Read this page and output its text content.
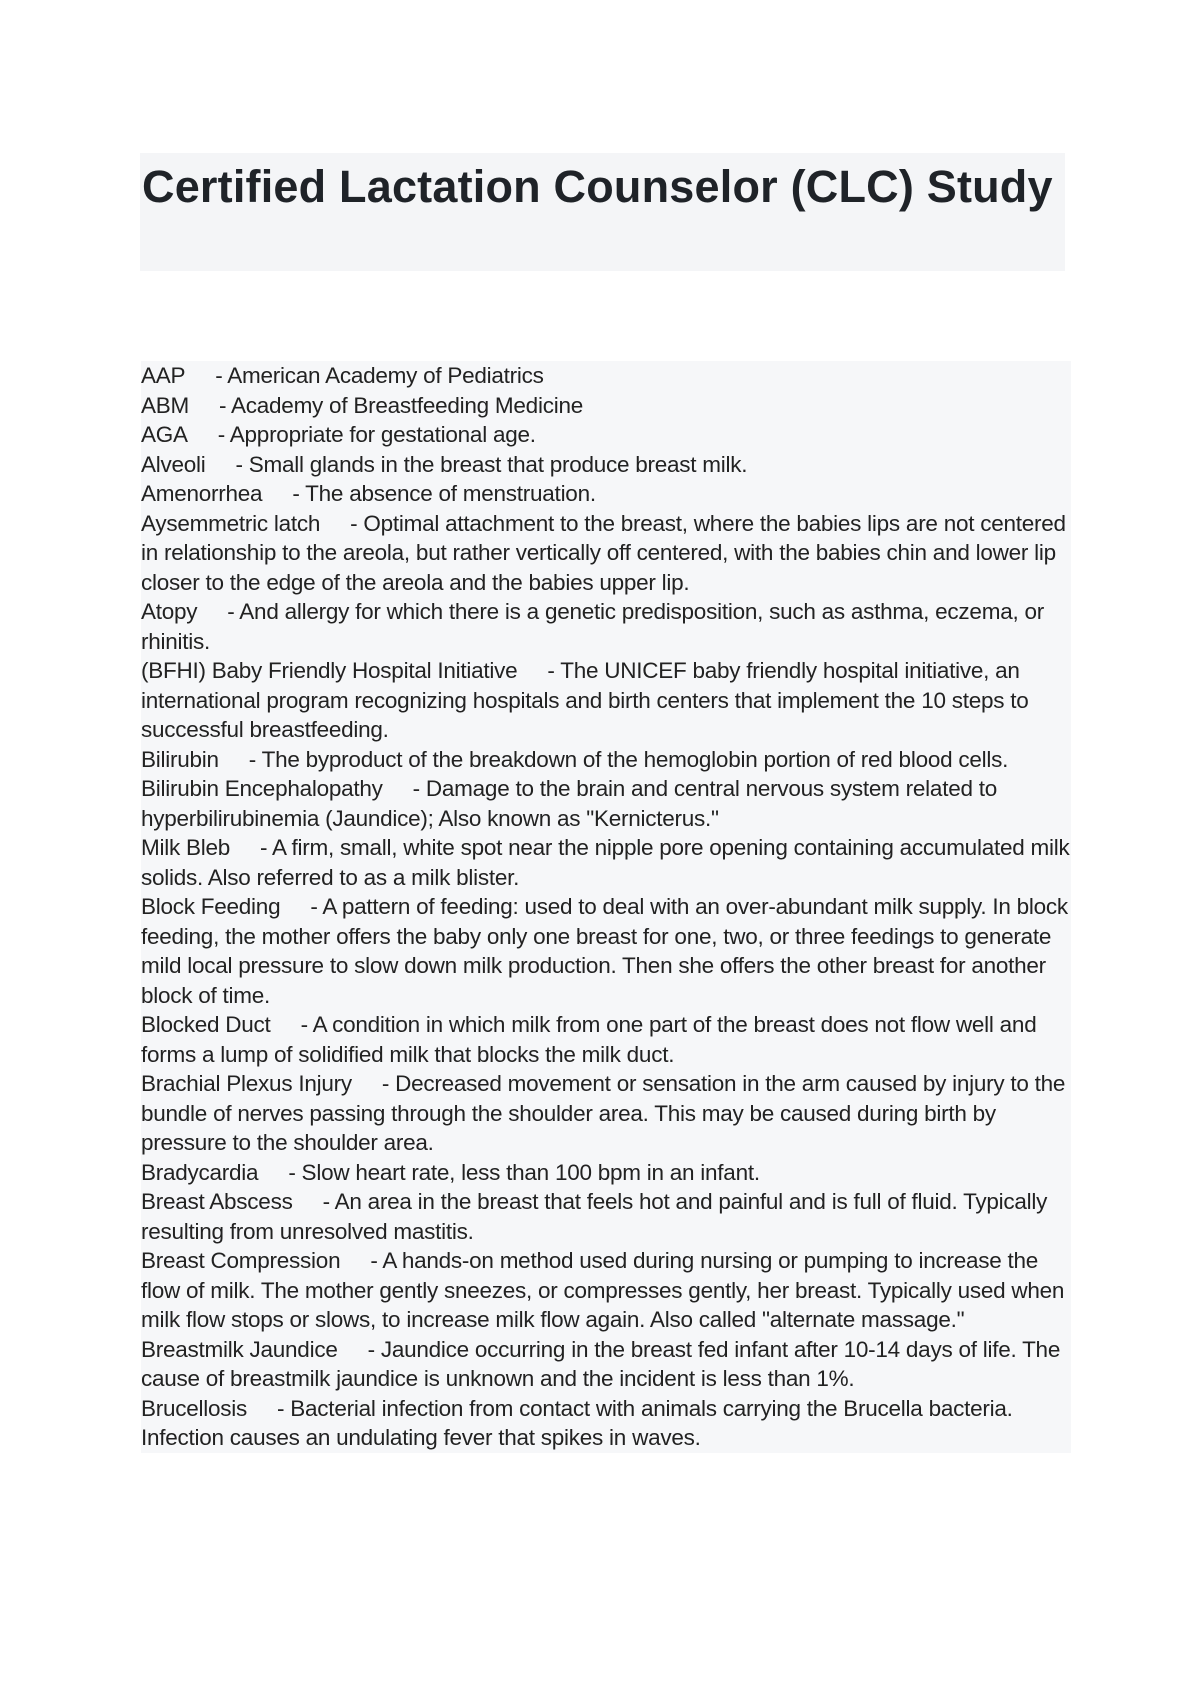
Certified Lactation Counselor (CLC) Study

AAP - American Academy of Pediatrics

ABM - Academy of Breastfeeding Medicine

AGA - Appropriate for gestational age.

Alveoli - Small glands in the breast that produce breast milk.

Amenorrhea - The absence of menstruation.

Aysemmetric latch - Optimal attachment to the breast, where the babies lips are not centered in relationship to the areola, but rather vertically off centered, with the babies chin and lower lip closer to the edge of the areola and the babies upper lip.

Atopy - And allergy for which there is a genetic predisposition, such as asthma, eczema, or rhinitis.

(BFHI) Baby Friendly Hospital Initiative - The UNICEF baby friendly hospital initiative, an international program recognizing hospitals and birth centers that implement the 10 steps to successful breastfeeding.

Bilirubin - The byproduct of the breakdown of the hemoglobin portion of red blood cells.

Bilirubin Encephalopathy - Damage to the brain and central nervous system related to hyperbilirubinemia (Jaundice); Also known as "Kernicterus."

Milk Bleb - A firm, small, white spot near the nipple pore opening containing accumulated milk solids. Also referred to as a milk blister.

Block Feeding - A pattern of feeding: used to deal with an over-abundant milk supply. In block feeding, the mother offers the baby only one breast for one, two, or three feedings to generate mild local pressure to slow down milk production. Then she offers the other breast for another block of time.

Blocked Duct - A condition in which milk from one part of the breast does not flow well and forms a lump of solidified milk that blocks the milk duct.

Brachial Plexus Injury - Decreased movement or sensation in the arm caused by injury to the bundle of nerves passing through the shoulder area. This may be caused during birth by pressure to the shoulder area.

Bradycardia - Slow heart rate, less than 100 bpm in an infant.

Breast Abscess - An area in the breast that feels hot and painful and is full of fluid. Typically resulting from unresolved mastitis.

Breast Compression - A hands-on method used during nursing or pumping to increase the flow of milk. The mother gently sneezes, or compresses gently, her breast. Typically used when milk flow stops or slows, to increase milk flow again. Also called "alternate massage."

Breastmilk Jaundice - Jaundice occurring in the breast fed infant after 10-14 days of life. The cause of breastmilk jaundice is unknown and the incident is less than 1%.

Brucellosis - Bacterial infection from contact with animals carrying the Brucella bacteria. Infection causes an undulating fever that spikes in waves.
